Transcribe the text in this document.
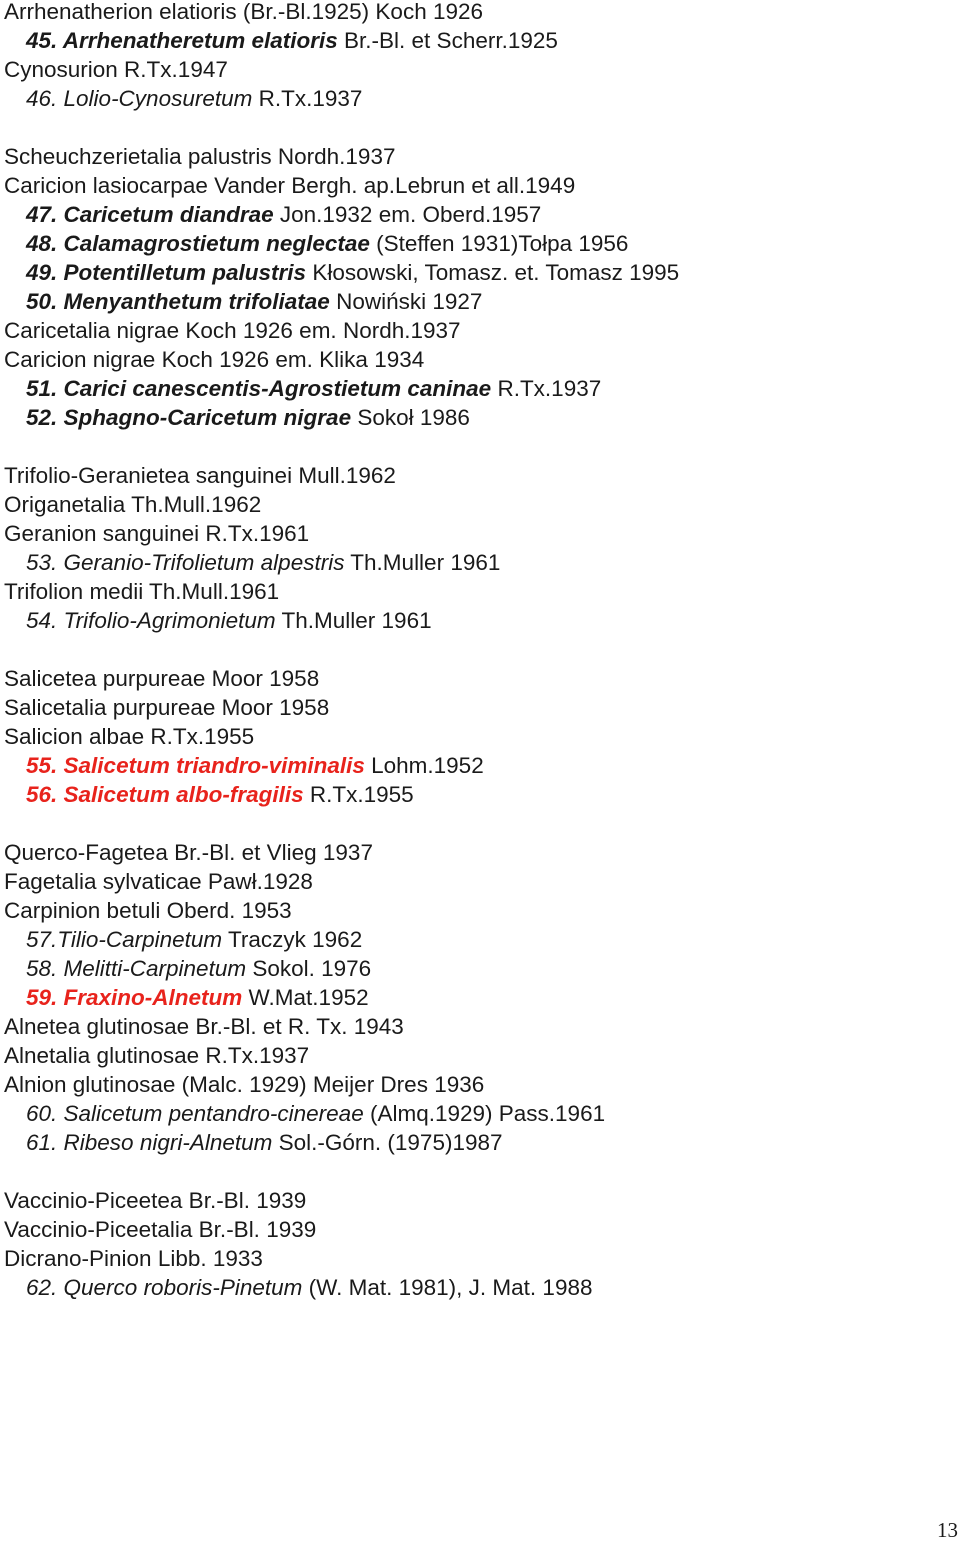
Arrhenatherion elatioris (Br.-Bl.1925) Koch 1926
45. Arrhenatheretum elatioris Br.-Bl. et Scherr.1925
Cynosurion R.Tx.1947
46. Lolio-Cynosuretum R.Tx.1937
Scheuchzerietalia palustris Nordh.1937
Caricion lasiocarpae Vander Bergh. ap.Lebrun et all.1949
47. Caricetum diandrae Jon.1932 em. Oberd.1957
48. Calamagrostietum neglectae (Steffen 1931)Tołpa 1956
49. Potentilletum palustris Kłosowski, Tomasz. et. Tomasz 1995
50. Menyanthetum trifoliatae Nowiński 1927
Caricetalia nigrae Koch 1926 em. Nordh.1937
Caricion nigrae Koch 1926 em. Klika 1934
51. Carici canescentis-Agrostietum caninae R.Tx.1937
52. Sphagno-Caricetum nigrae Sokoł 1986
Trifolio-Geranietea sanguinei Mull.1962
Origanetalia Th.Mull.1962
Geranion sanguinei R.Tx.1961
53. Geranio-Trifolietum alpestris Th.Muller 1961
Trifolion medii Th.Mull.1961
54. Trifolio-Agrimonietum Th.Muller 1961
Salicetea purpureae Moor 1958
Salicetalia purpureae Moor 1958
Salicion albae R.Tx.1955
55. Salicetum triandro-viminalis Lohm.1952
56. Salicetum albo-fragilis R.Tx.1955
Querco-Fagetea Br.-Bl. et Vlieg 1937
Fagetalia sylvaticae Pawł.1928
Carpinion betuli Oberd. 1953
57.Tilio-Carpinetum Traczyk 1962
58. Melitti-Carpinetum Sokol. 1976
59. Fraxino-Alnetum W.Mat.1952
Alnetea glutinosae Br.-Bl. et R. Tx. 1943
Alnetalia glutinosae R.Tx.1937
Alnion glutinosae (Malc. 1929) Meijer Dres 1936
60. Salicetum pentandro-cinereae (Almq.1929) Pass.1961
61. Ribeso nigri-Alnetum Sol.-Górn. (1975)1987
Vaccinio-Piceetea Br.-Bl. 1939
Vaccinio-Piceetalia Br.-Bl. 1939
Dicrano-Pinion Libb. 1933
62. Querco roboris-Pinetum (W. Mat. 1981), J. Mat. 1988
13
